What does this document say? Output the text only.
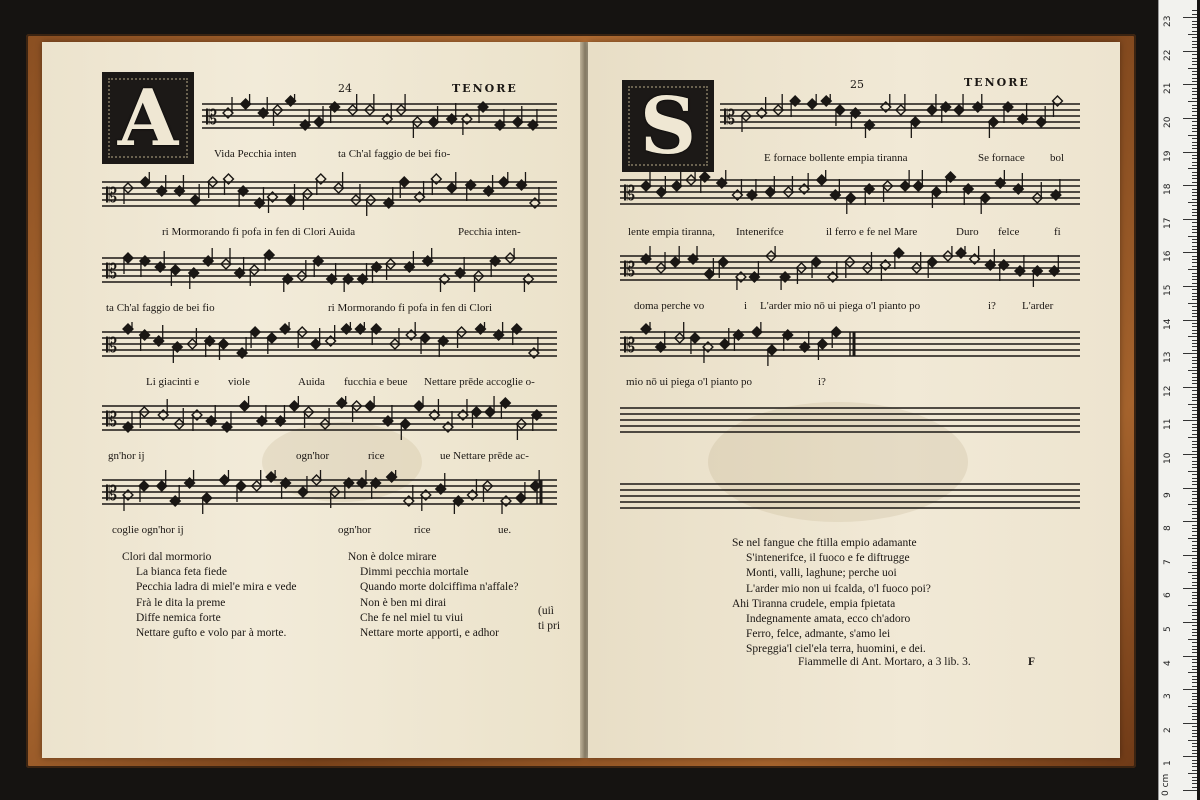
24	TENORE
A	𝄡
Vida Pecchia inten	ta Ch'al faggio de bei fio-
𝄡
ri Mormorando fi pofa in fen di Clori Auida	Pecchia inten-
𝄡
ta Ch'al faggio de bei fio	ri Mormorando fi pofa in fen di Clori
𝄡
Li giacinti e	viole	Auida fucchia e beue Nettare prēde accoglie o-
𝄡
gn'hor ij	ogn'hor	rice	ue Nettare prēde ac-
𝄡
coglie ogn'hor ij	ogn'hor	rice	ue.
Clori dal mormorio
La bianca feta fiede
Pecchia ladra di miel'e mira e vede
Frà le dita la preme
Diffe nemica forte
Nettare gufto e volo par à morte.
Non è dolce mirare
Dimmi pecchia mortale
Quando morte dolciffima n'affale?
Non è ben mi dirai
Che fe nel miel tu viui
Nettare morte apporti, e adhor
(uiì
ti pri
25	TENORE
S	𝄡
E fornace bollente empia tiranna	Se fornace bol
𝄡
lente empia tiranna, Intenerifce	il ferro e fe nel Mare	Duro felce	fi
𝄡
doma perche vo	i L'arder mio nō ui piega o'l pianto po	i? L'arder
𝄡
mio nō ui piega o'l pianto po	i?
Se nel fangue che ftilla empio adamante
S'intenerifce, il fuoco e fe diftrugge
Monti, valli, laghune; perche uoi
L'arder mio non ui fcalda, o'l fuoco poi?
Ahi Tiranna crudele, empia fpietata
Indegnamente amata, ecco ch'adoro
Ferro, felce, admante, s'amo lei
Spreggia'l ciel'ela terra, huomini, e dei.
Fiammelle di Ant. Mortaro, a 3 lib. 3.	F
0 cm
1
2
3
4
5
6
7
8
9
10
11
12
13
14
15
16
17
18
19
20
21
22
23
